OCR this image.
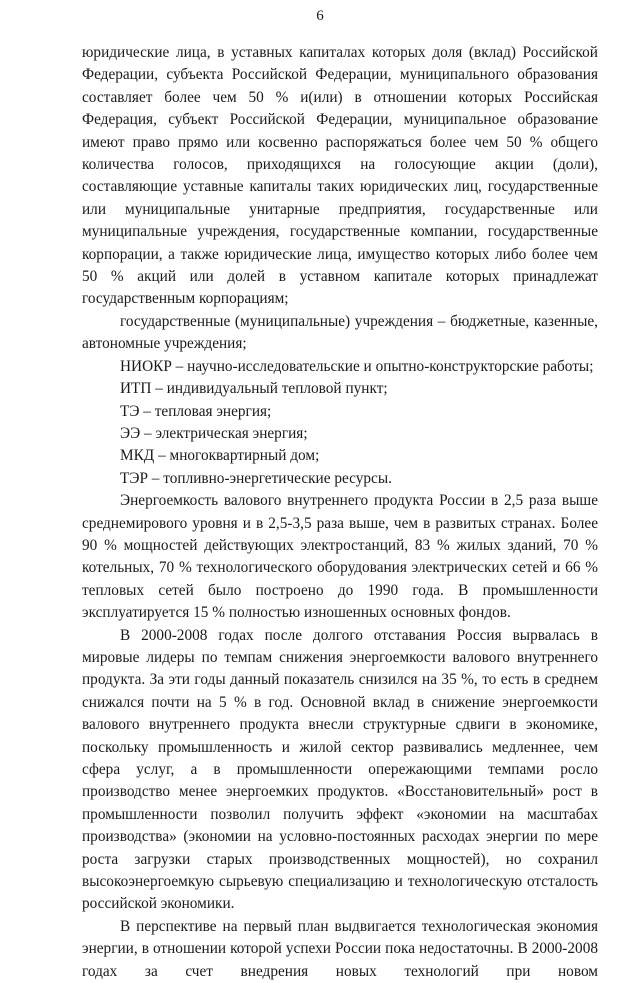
6

юридические лица, в уставных капиталах которых доля (вклад) Российской Федерации, субъекта Российской Федерации, муниципального образования составляет более чем 50 % и(или) в отношении которых Российская Федерация, субъект Российской Федерации, муниципальное образование имеют право прямо или косвенно распоряжаться более чем 50 % общего количества голосов, приходящихся на голосующие акции (доли), составляющие уставные капиталы таких юридических лиц, государственные или муниципальные унитарные предприятия, государственные или муниципальные учреждения, государственные компании, государственные корпорации, а также юридические лица, имущество которых либо более чем 50 % акций или долей в уставном капитале которых принадлежат государственным корпорациям;

государственные (муниципальные) учреждения – бюджетные, казенные, автономные учреждения;

НИОКР – научно-исследовательские и опытно-конструкторские работы;

ИТП – индивидуальный тепловой пункт;

ТЭ – тепловая энергия;

ЭЭ – электрическая энергия;

МКД – многоквартирный дом;

ТЭР – топливно-энергетические ресурсы.

Энергоемкость валового внутреннего продукта России в 2,5 раза выше среднемирового уровня и в 2,5-3,5 раза выше, чем в развитых странах. Более 90 % мощностей действующих электростанций, 83 % жилых зданий, 70 % котельных, 70 % технологического оборудования электрических сетей и 66 % тепловых сетей было построено до 1990 года. В промышленности эксплуатируется 15 % полностью изношенных основных фондов.

В 2000-2008 годах после долгого отставания Россия вырвалась в мировые лидеры по темпам снижения энергоемкости валового внутреннего продукта. За эти годы данный показатель снизился на 35 %, то есть в среднем снижался почти на 5 % в год. Основной вклад в снижение энергоемкости валового внутреннего продукта внесли структурные сдвиги в экономике, поскольку промышленность и жилой сектор развивались медленнее, чем сфера услуг, а в промышленности опережающими темпами росло производство менее энергоемких продуктов. «Восстановительный» рост в промышленности позволил получить эффект «экономии на масштабах производства» (экономии на условно-постоянных расходах энергии по мере роста загрузки старых производственных мощностей), но сохранил высокоэнергоемкую сырьевую специализацию и технологическую отсталость российской экономики.

В перспективе на первый план выдвигается технологическая экономия энергии, в отношении которой успехи России пока недостаточны. В 2000-2008 годах за счет внедрения новых технологий при новом
